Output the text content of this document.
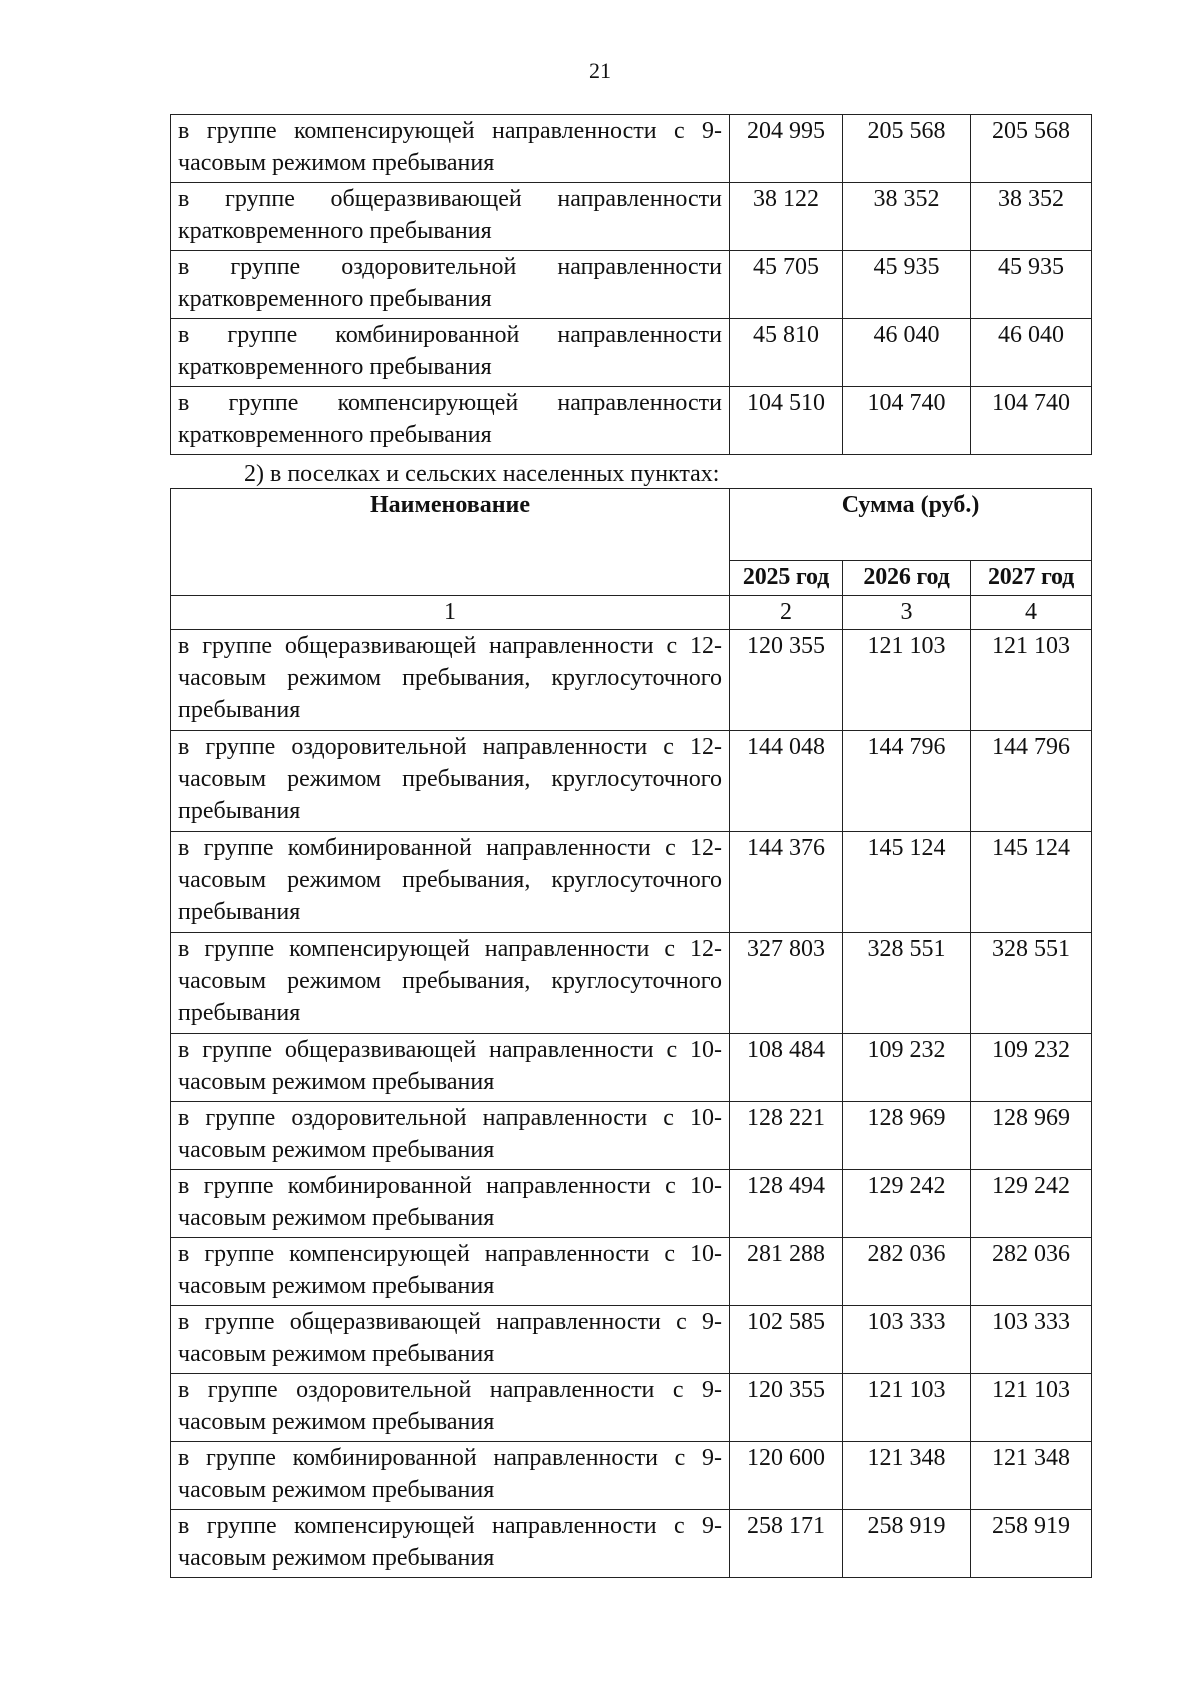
21
в группе компенсирующей направленности с 9-часовым режимом пребывания	204 995	205 568	205 568
в группе общеразвивающей направленности кратковременного пребывания	38 122	38 352	38 352
в группе оздоровительной направленности кратковременного пребывания	45 705	45 935	45 935
в группе комбинированной направленности кратковременного пребывания	45 810	46 040	46 040
в группе компенсирующей направленности кратковременного пребывания	104 510	104 740	104 740

2) в поселках и сельских населенных пунктах:

Наименование	Сумма (руб.)		
	2025 год	2026 год	2027 год
1	2	3	4
в группе общеразвивающей направленности с 12-часовым режимом пребывания, круглосуточного пребывания	120 355	121 103	121 103
в группе оздоровительной направленности с 12-часовым режимом пребывания, круглосуточного пребывания	144 048	144 796	144 796
в группе комбинированной направленности с 12-часовым режимом пребывания, круглосуточного пребывания	144 376	145 124	145 124
в группе компенсирующей направленности с 12-часовым режимом пребывания, круглосуточного пребывания	327 803	328 551	328 551
в группе общеразвивающей направленности с 10-часовым режимом пребывания	108 484	109 232	109 232
в группе оздоровительной направленности с 10-часовым режимом пребывания	128 221	128 969	128 969
в группе комбинированной направленности с 10-часовым режимом пребывания	128 494	129 242	129 242
в группе компенсирующей направленности с 10-часовым режимом пребывания	281 288	282 036	282 036
в группе общеразвивающей направленности с 9-часовым режимом пребывания	102 585	103 333	103 333
в группе оздоровительной направленности с 9-часовым режимом пребывания	120 355	121 103	121 103
в группе комбинированной направленности с 9-часовым режимом пребывания	120 600	121 348	121 348
в группе компенсирующей направленности с 9-часовым режимом пребывания	258 171	258 919	258 919
